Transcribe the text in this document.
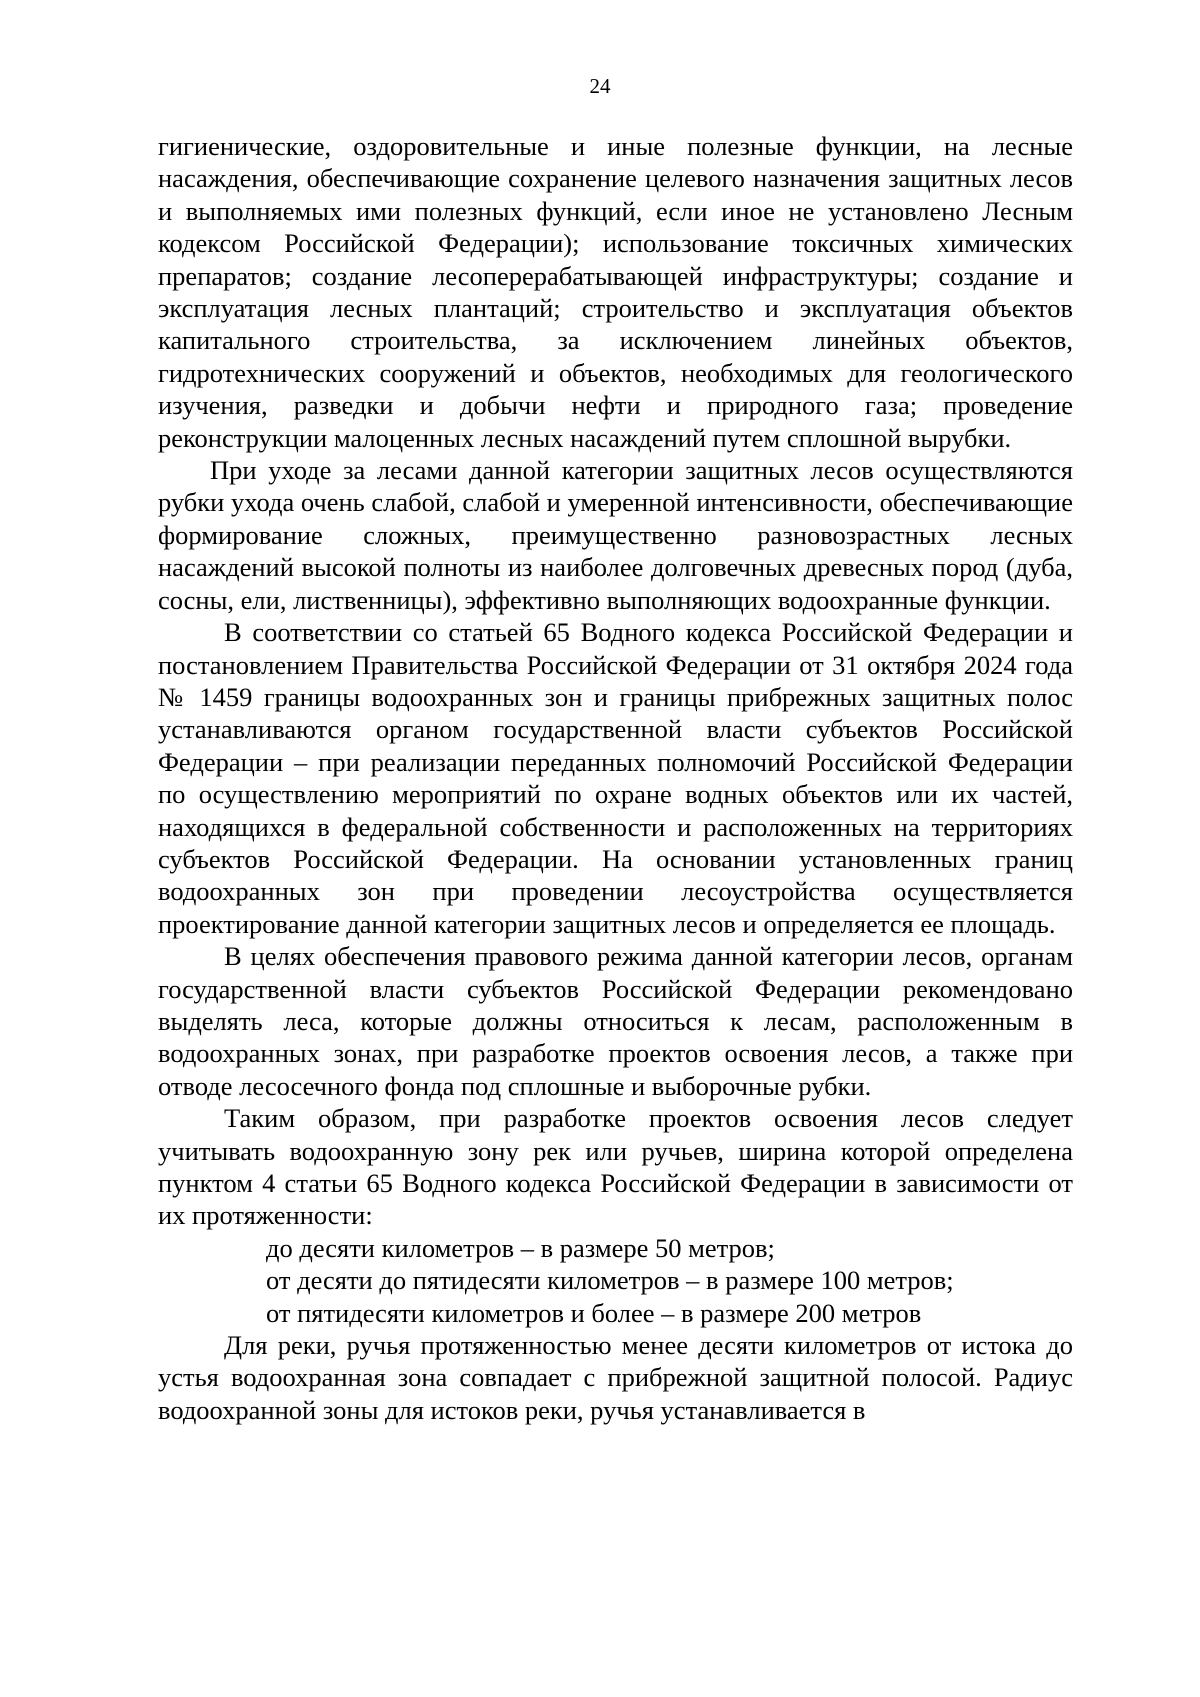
24

гигиенические, оздоровительные и иные полезные функции, на лесные насаждения, обеспечивающие сохранение целевого назначения защитных лесов и выполняемых ими полезных функций, если иное не установлено Лесным кодексом Российской Федерации); использование токсичных химических препаратов; создание лесоперерабатывающей инфраструктуры; создание и эксплуатация лесных плантаций; строительство и эксплуатация объектов капитального строительства, за исключением линейных объектов, гидротехнических сооружений и объектов, необходимых для геологического изучения, разведки и добычи нефти и природного газа; проведение реконструкции малоценных лесных насаждений путем сплошной вырубки.

При уходе за лесами данной категории защитных лесов осуществляются рубки ухода очень слабой, слабой и умеренной интенсивности, обеспечивающие формирование сложных, преимущественно разновозрастных лесных насаждений высокой полноты из наиболее долговечных древесных пород (дуба, сосны, ели, лиственницы), эффективно выполняющих водоохранные функции.

В соответствии со статьей 65 Водного кодекса Российской Федерации и постановлением Правительства Российской Федерации от 31 октября 2024 года № 1459 границы водоохранных зон и границы прибрежных защитных полос устанавливаются органом государственной власти субъектов Российской Федерации – при реализации переданных полномочий Российской Федерации по осуществлению мероприятий по охране водных объектов или их частей, находящихся в федеральной собственности и расположенных на территориях субъектов Российской Федерации. На основании установленных границ водоохранных зон при проведении лесоустройства осуществляется проектирование данной категории защитных лесов и определяется ее площадь.

В целях обеспечения правового режима данной категории лесов, органам государственной власти субъектов Российской Федерации рекомендовано выделять леса, которые должны относиться к лесам, расположенным в водоохранных зонах, при разработке проектов освоения лесов, а также при отводе лесосечного фонда под сплошные и выборочные рубки.

Таким образом, при разработке проектов освоения лесов следует учитывать водоохранную зону рек или ручьев, ширина которой определена пунктом 4 статьи 65 Водного кодекса Российской Федерации в зависимости от их протяженности:

до десяти километров – в размере 50 метров;

от десяти до пятидесяти километров – в размере 100 метров;

от пятидесяти километров и более – в размере 200 метров

Для реки, ручья протяженностью менее десяти километров от истока до устья водоохранная зона совпадает с прибрежной защитной полосой. Радиус водоохранной зоны для истоков реки, ручья устанавливается в
